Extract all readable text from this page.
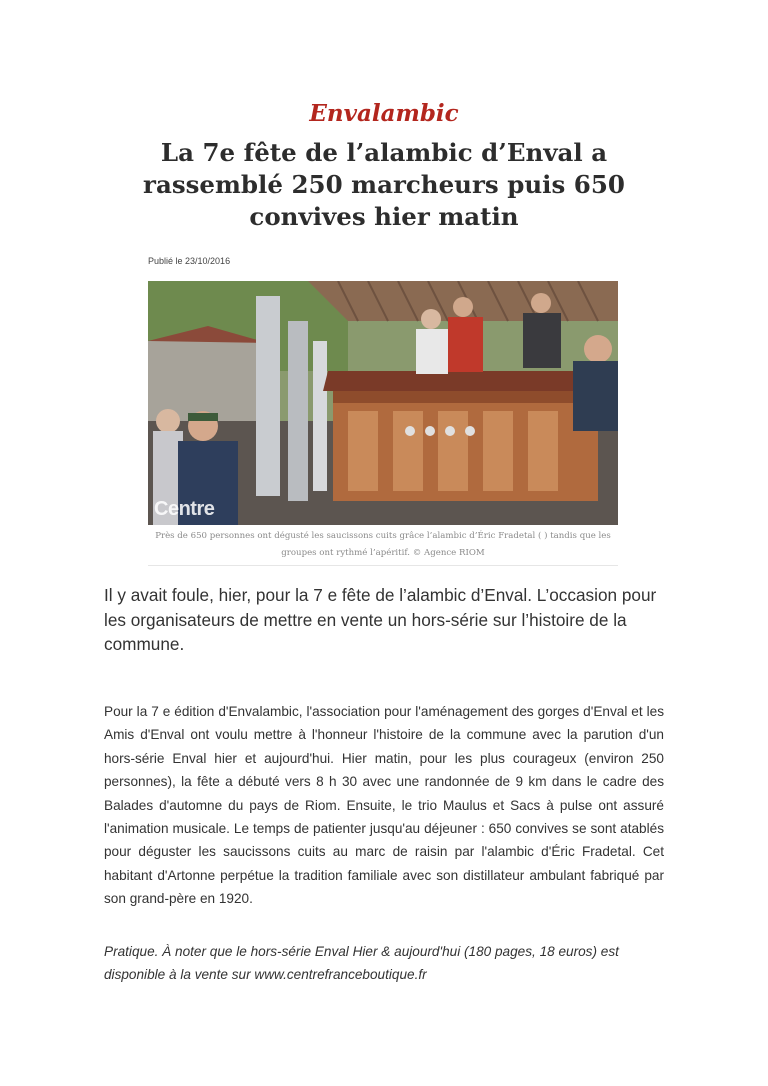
Envalambic
La 7e fête de l’alambic d’Enval a rassemblé 250 marcheurs puis 650 convives hier matin
Publié le 23/10/2016
Centre
Près de 650 personnes ont dégusté les saucissons cuits grâce l’alambic d’Éric Fradetal ( ) tandis que les groupes ont rythmé l’apéritif. © Agence RIOM

Il y avait foule, hier, pour la 7 e fête de l’alambic d’Enval. L’occasion pour les organisateurs de mettre en vente un hors-série sur l’histoire de la commune.

Pour la 7 e édition d'Envalambic, l'association pour l'aménagement des gorges d'Enval et les Amis d'Enval ont voulu mettre à l'honneur l'histoire de la commune avec la parution d'un hors-série Enval hier et aujourd'hui. Hier matin, pour les plus courageux (environ 250 personnes), la fête a débuté vers 8 h 30 avec une randonnée de 9 km dans le cadre des Balades d'automne du pays de Riom. Ensuite, le trio Maulus et Sacs à pulse ont assuré l'animation musicale. Le temps de patienter jusqu'au déjeuner : 650 convives se sont atablés pour déguster les saucissons cuits au marc de raisin par l'alambic d'Éric Fradetal. Cet habitant d'Artonne perpétue la tradition familiale avec son distillateur ambulant fabriqué par son grand-père en 1920.

Pratique. À noter que le hors-série Enval Hier & aujourd'hui (180 pages, 18 euros) est disponible à la vente sur www.centrefranceboutique.fr
